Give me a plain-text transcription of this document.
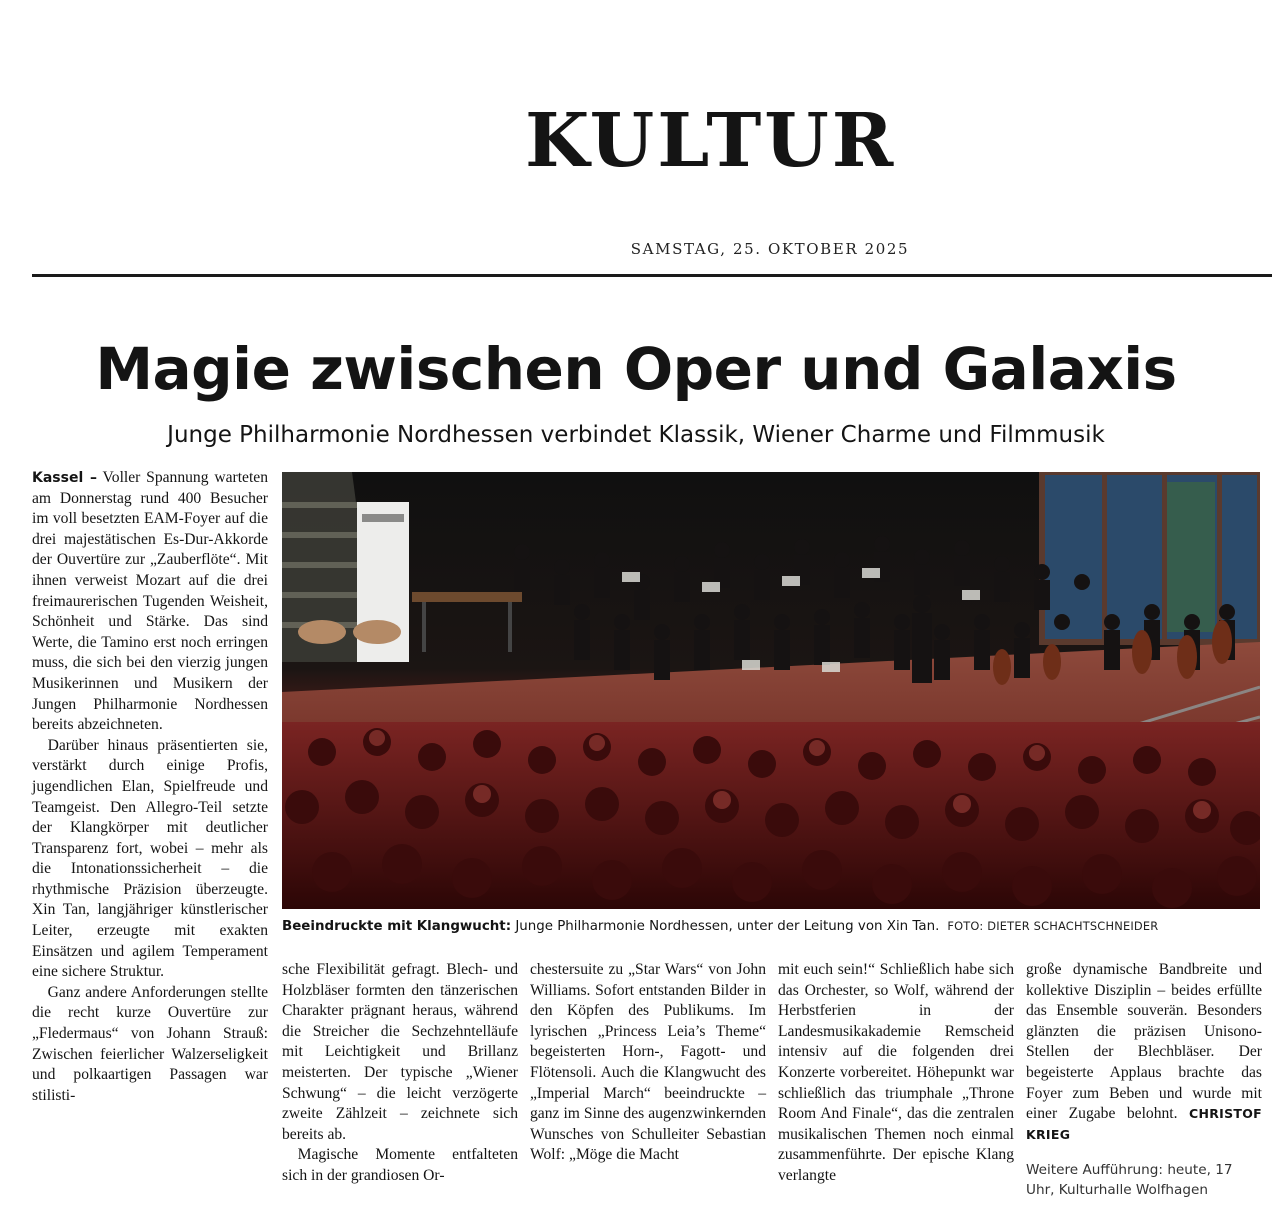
KULTUR
SAMSTAG, 25. OKTOBER 2025
Magie zwischen Oper und Galaxis
Junge Philharmonie Nordhessen verbindet Klassik, Wiener Charme und Filmmusik
Beeindruckte mit Klangwucht: Junge Philharmonie Nordhessen, unter der Leitung von Xin Tan. FOTO: DIETER SCHACHTSCHNEIDER

Kassel – Voller Spannung warteten am Donnerstag rund 400 Besucher im voll besetzten EAM-Foyer auf die drei majestätischen Es-Dur-Akkorde der Ouvertüre zur „Zauberflöte“. Mit ihnen verweist Mozart auf die drei freimaurerischen Tugenden Weisheit, Schönheit und Stärke. Das sind Werte, die Tamino erst noch erringen muss, die sich bei den vierzig jungen Musikerinnen und Musikern der Jungen Philharmonie Nordhessen bereits abzeichneten.

Darüber hinaus präsentierten sie, verstärkt durch einige Profis, jugendlichen Elan, Spielfreude und Teamgeist. Den Allegro-Teil setzte der Klangkörper mit deutlicher Transparenz fort, wobei – mehr als die Intonationssicherheit – die rhythmische Präzision überzeugte. Xin Tan, langjähriger künstlerischer Leiter, erzeugte mit exakten Einsätzen und agilem Temperament eine sichere Struktur.

Ganz andere Anforderungen stellte die recht kurze Ouvertüre zur „Fledermaus“ von Johann Strauß: Zwischen feierlicher Walzerseligkeit und polkaartigen Passagen war stilisti-

sche Flexibilität gefragt. Blech- und Holzbläser formten den tänzerischen Charakter prägnant heraus, während die Streicher die Sechzehntelläufe mit Leichtigkeit und Brillanz meisterten. Der typische „Wiener Schwung“ – die leicht verzögerte zweite Zählzeit – zeichnete sich bereits ab.

Magische Momente entfalteten sich in der grandiosen Or-

chestersuite zu „Star Wars“ von John Williams. Sofort entstanden Bilder in den Köpfen des Publikums. Im lyrischen „Princess Leia’s Theme“ begeisterten Horn-, Fagott- und Flötensoli. Auch die Klangwucht des „Imperial March“ beeindruckte – ganz im Sinne des augenzwinkernden Wunsches von Schulleiter Sebastian Wolf: „Möge die Macht

mit euch sein!“ Schließlich habe sich das Orchester, so Wolf, während der Herbstferien in der Landesmusikakademie Remscheid intensiv auf die folgenden drei Konzerte vorbereitet. Höhepunkt war schließlich das triumphale „Throne Room And Finale“, das die zentralen musikalischen Themen noch einmal zusammenführte. Der epische Klang verlangte

große dynamische Bandbreite und kollektive Disziplin – beides erfüllte das Ensemble souverän. Besonders glänzten die präzisen Unisono-Stellen der Blechbläser. Der begeisterte Applaus brachte das Foyer zum Beben und wurde mit einer Zugabe belohnt. CHRISTOF KRIEG

Weitere Aufführung: heute, 17 Uhr, Kulturhalle Wolfhagen
